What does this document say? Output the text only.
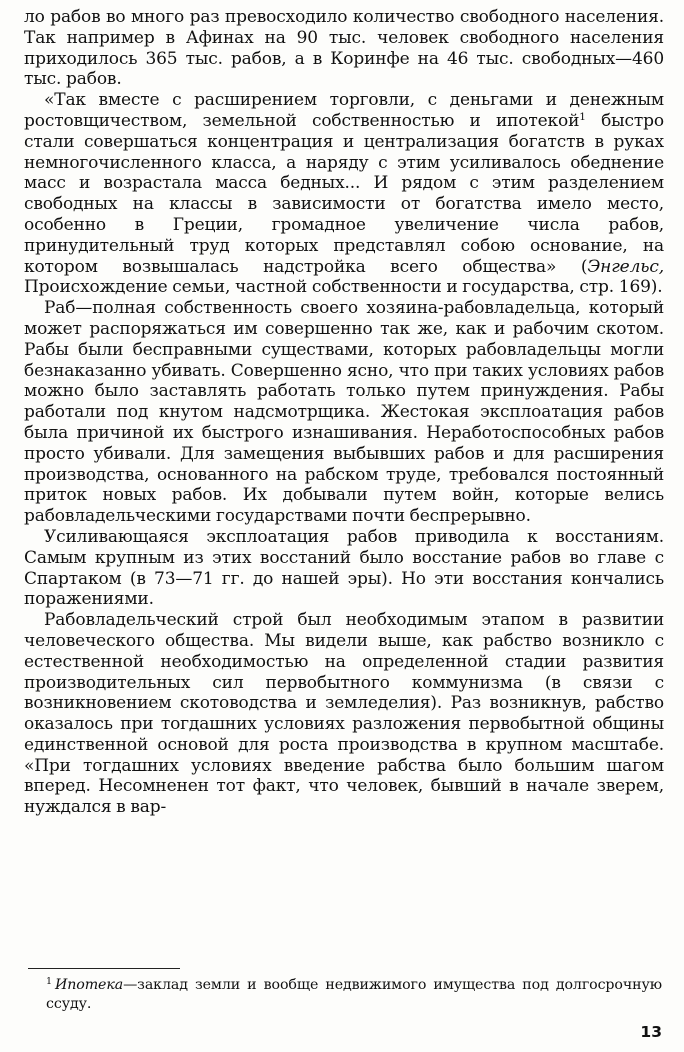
ло рабов во много раз превосходило количество свободного населения. Так например в Афинах на 90 тыс. человек свободного населения приходилось 365 тыс. рабов, а в Коринфе на 46 тыс. свободных—460 тыс. рабов.

«Так вместе с расширением торговли, с деньгами и денежным ростовщичеством, земельной собственностью и ипотекой$^1$ быстро стали совершаться концентрация и централизация богатств в руках немногочисленного класса, а наряду с этим усиливалось обеднение масс и возрастала масса бедных... И рядом с этим разделением свободных на классы в зависимости от богатства имело место, особенно в Греции, громадное увеличение числа рабов, принудительный труд которых представлял собою основание, на котором возвышалась надстройка всего общества» (Энгельс, Происхождение семьи, частной собственности и государства, стр. 169).

Раб—полная собственность своего хозяина-рабовладельца, который может распоряжаться им совершенно так же, как и рабочим скотом. Рабы были бесправными существами, которых рабовладельцы могли безнаказанно убивать. Совершенно ясно, что при таких условиях рабов можно было заставлять работать только путем принуждения. Рабы работали под кнутом надсмотрщика. Жестокая эксплоатация рабов была причиной их быстрого изнашивания. Неработоспособных рабов просто убивали. Для замещения выбывших рабов и для расширения производства, основанного на рабском труде, требовался постоянный приток новых рабов. Их добывали путем войн, которые велись рабовладельческими государствами почти беспрерывно.

Усиливающаяся эксплоатация рабов приводила к восстаниям. Самым крупным из этих восстаний было восстание рабов во главе с Спартаком (в 73—71 гг. до нашей эры). Но эти восстания кончались поражениями.

Рабовладельческий строй был необходимым этапом в развитии человеческого общества. Мы видели выше, как рабство возникло с естественной необходимостью на определенной стадии развития производительных сил первобытного коммунизма (в связи с возникновением скотоводства и земледелия). Раз возникнув, рабство оказалось при тогдашних условиях разложения первобытной общины единственной основой для роста производства в крупном масштабе. «При тогдашних условиях введение рабства было большим шагом вперед. Несомненен тот факт, что человек, бывший в начале зверем, нуждался в вар-

$^1$ Ипотека—заклад земли и вообще недвижимого имущества под долгосрочную ссуду.
13
